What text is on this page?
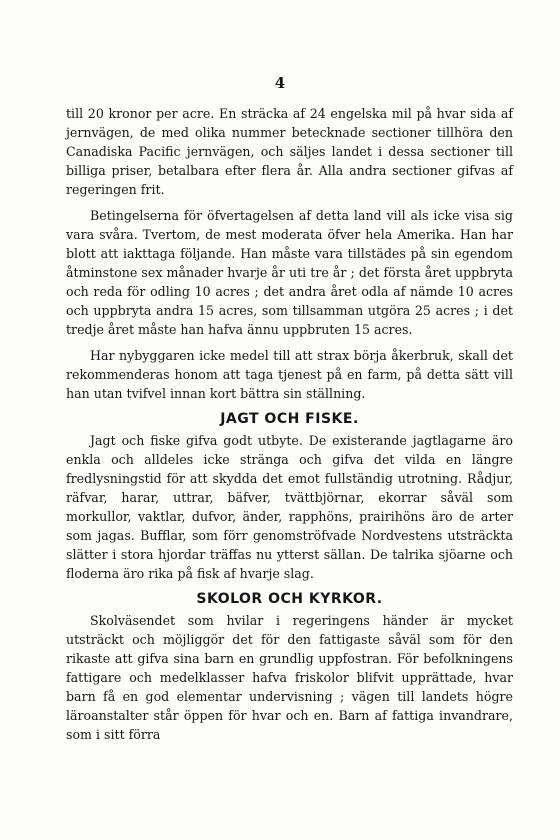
4

till 20 kronor per acre. En sträcka af 24 engelska mil på hvar sida af jernvägen, de med olika nummer betecknade sectioner tillhöra den Canadiska Pacific jernvägen, och säljes landet i dessa sectioner till billiga priser, betalbara efter flera år. Alla andra sectioner gifvas af regeringen frit.

Betingelserna för öfvertagelsen af detta land vill als icke visa sig vara svåra. Tvertom, de mest moderata öfver hela Amerika. Han har blott att iakttaga följande. Han måste vara tillstädes på sin egendom åtminstone sex månader hvarje år uti tre år ; det första året uppbryta och reda för odling 10 acres ; det andra året odla af nämde 10 acres och uppbryta andra 15 acres, som tillsamman utgöra 25 acres ; i det tredje året måste han hafva ännu uppbruten 15 acres.

Har nybyggaren icke medel till att strax börja åkerbruk, skall det rekommenderas honom att taga tjenest på en farm, på detta sätt vill han utan tvifvel innan kort bättra sin ställning.

JAGT OCH FISKE.

Jagt och fiske gifva godt utbyte. De existerande jagtlagarne äro enkla och alldeles icke stränga och gifva det vilda en längre fredlysningstid för att skydda det emot fullständig utrotning. Rådjur, räfvar, harar, uttrar, bäfver, tvättbjörnar, ekorrar såväl som morkullor, vaktlar, dufvor, änder, rapphöns, prairihöns äro de arter som jagas. Bufflar, som förr genomströfvade Nordvestens utsträckta slätter i stora hjordar träffas nu ytterst sällan. De talrika sjöarne och floderna äro rika på fisk af hvarje slag.

SKOLOR OCH KYRKOR.

Skolväsendet som hvilar i regeringens händer är mycket utsträckt och möjliggör det för den fattigaste såväl som för den rikaste att gifva sina barn en grundlig uppfostran. För befolkningens fattigare och medelklasser hafva friskolor blifvit upprättade, hvar barn få en god elementar undervisning ; vägen till landets högre läroanstalter står öppen för hvar och en. Barn af fattiga invandrare, som i sitt förra
